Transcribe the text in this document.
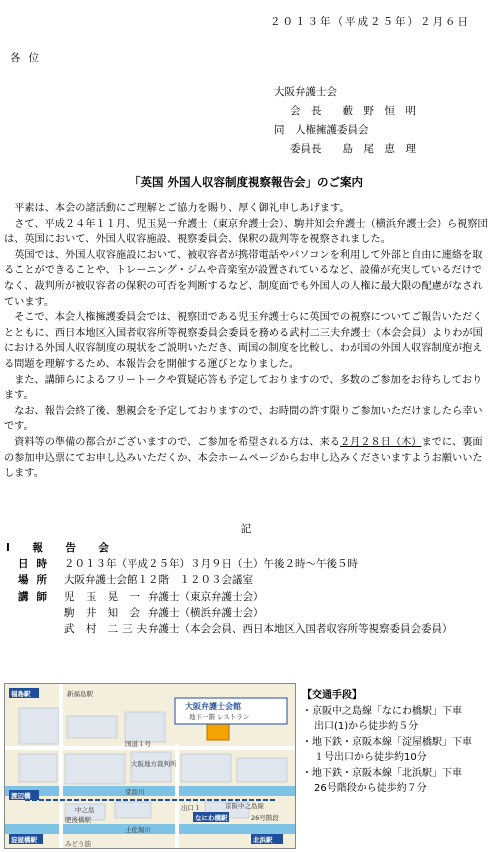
２０１３年（平成２５年）２月６日
各位
大阪弁護士会
会　長　　藪　野　恒　明
同　人権擁護委員会
委員長　　島　尾　恵　理
「英国 外国人収容制度視察報告会」のご案内

平素は、本会の諸活動にご理解とご協力を賜り、厚く御礼申しあげます。

さて、平成２４年１１月、児玉晃一弁護士（東京弁護士会）、駒井知会弁護士（横浜弁護士会）ら視察団は、英国において、外国人収容施設、視察委員会、保釈の裁判等を視察されました。

英国では、外国人収容施設において、被収容者が携帯電話やパソコンを利用して外部と自由に連絡を取ることができることや、トレーニング・ジムや音楽室が設置されているなど、設備が充実しているだけでなく、裁判所が被収容者の保釈の可否を判断するなど、制度面でも外国人の人権に最大限の配慮がなされています。

そこで、本会人権擁護委員会では、視察団である児玉弁護士らに英国での視察についてご報告いただくとともに、西日本地区入国者収容所等視察委員会委員を務める武村二三夫弁護士（本会会員）よりわが国における外国人収容制度の現状をご説明いただき、両国の制度を比較し、わが国の外国人収容制度が抱える問題を理解するため、本報告会を開催する運びとなりました。

また、講師らによるフリートークや質疑応答も予定しておりますので、多数のご参加をお待ちしております。

なお、報告会終了後、懇親会を予定しておりますので、お時間の許す限りご参加いただけましたら幸いです。

資料等の準備の都合がございますので、ご参加を希望される方は、来る２月２８日（木）までに、裏面の参加申込票にてお申し込みいただくか、本会ホームページからお申し込みくださいますようお願いいたします。

記
Ⅰ　報　告　会
日時 ２０１３年（平成２５年）３月９日（土）午後２時〜午後５時
場所 大阪弁護士会館１２階　１２０３会議室
講師 児 玉 晃 一 弁護士（東京弁護士会）
駒 井 知 会 弁護士（横浜弁護士会）
武 村 二三夫
弁護士（本会会員、西日本地区入国者収容所等視察委員会委員）
大阪弁護士会館
地下一階 レストラン
福島駅
淀屋橋駅
なにわ橋駅
北浜駅
渡辺橋
新福島駅
国道１号
堂島川
大阪地方裁判所
中之島
肥後橋駅
土佐堀川
京阪中之島線
出口１
26号階段
みどう筋
【交通手段】
・京阪中之島線「なにわ橋駅」下車
出口(1)から徒歩約５分
・地下鉄・京阪本線「淀屋橋駅」下車
１号出口から徒歩約10分
・地下鉄・京阪本線「北浜駅」下車
26号階段から徒歩約７分
